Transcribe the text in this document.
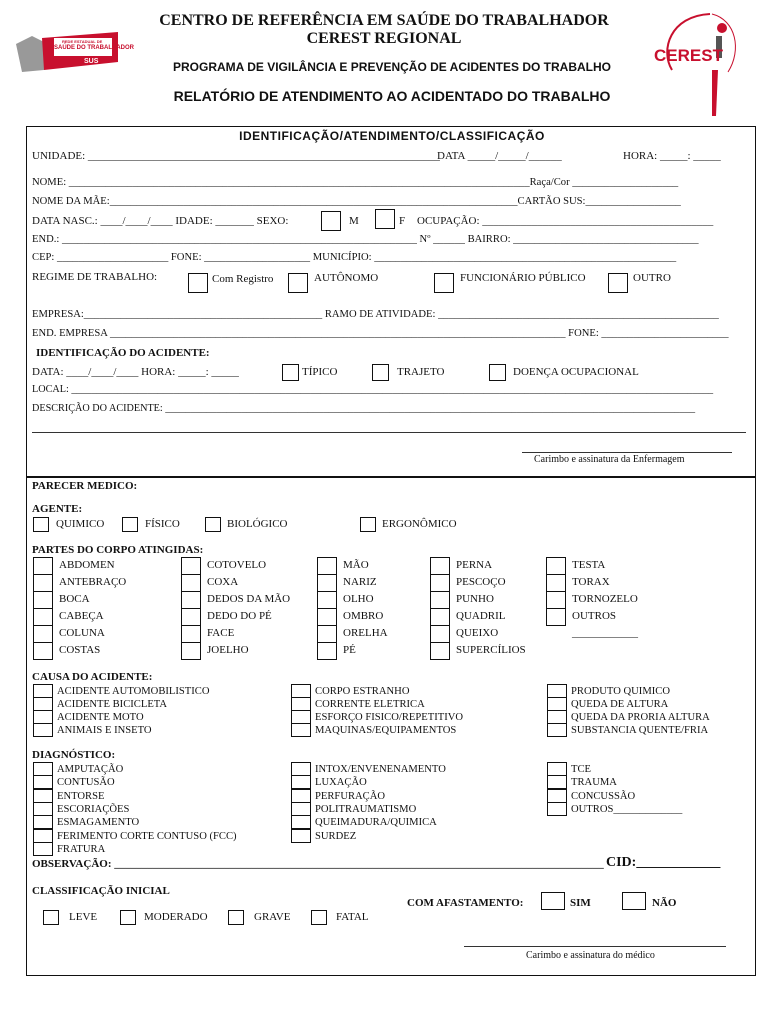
REDE ESTADUAL DE
SAÚDE DO TRABALHADOR
SUS
CENTRO DE REFERÊNCIA EM SAÚDE DO TRABALHADOR
CEREST REGIONAL
PROGRAMA DE VIGILÂNCIA E PREVENÇÃO DE ACIDENTES DO TRABALHO
RELATÓRIO DE ATENDIMENTO AO ACIDENTADO DO TRABALHO
CEREST
IDENTIFICAÇÃO/ATENDIMENTO/CLASSIFICAÇÃO
UNIDADE: ________________________________________________________________
DATA _____/_____/______	HORA: _____: _____
NOME: _______________________________________________________________________________________Raça/Cor ____________________
NOME DA MÃE:_____________________________________________________________________________CARTÃO SUS:__________________
DATA NASC.: ____/____/____ IDADE: _______ SEXO:	M	F OCUPAÇÃO: __________________________________________
END.: ___________________________________________________________________ Nº ______ BAIRRO: ___________________________________
CEP: _____________________ FONE: ____________________ MUNICÍPIO: _________________________________________________________
REGIME DE TRABALHO:	Com Registro	AUTÔNOMO	FUNCIONÁRIO PÚBLICO	OUTRO
EMPRESA:_____________________________________________ RAMO DE ATIVIDADE: _____________________________________________________
END. EMPRESA ______________________________________________________________________________________ FONE: ________________________
IDENTIFICAÇÃO DO ACIDENTE:
DATA: ____/____/____ HORA: _____: _____	TÍPICO	TRAJETO	DOENÇA OCUPACIONAL
LOCAL: ______________________________________________________________________________________________________________________________
DESCRIÇÃO DO ACIDENTE: ________________________________________________________________________________________________________
Carimbo e assinatura da Enfermagem
PARECER MEDICO:
AGENTE:
QUIMICO	FÍSICO	BIOLÓGICO	ERGONÔMICO
PARTES DO CORPO ATINGIDAS:
ABDOMEN
ANTEBRAÇO
BOCA
CABEÇA
COLUNA
COSTAS
COTOVELO
COXA
DEDOS DA MÃO
DEDO DO PÉ
FACE
JOELHO
MÃO
NARIZ
OLHO
OMBRO
ORELHA
PÉ
PERNA
PESCOÇO
PUNHO
QUADRIL
QUEIXO
SUPERCÍLIOS
TESTA
TORAX
TORNOZELO
OUTROS
____________
CAUSA DO ACIDENTE:
ACIDENTE AUTOMOBILISTICO
ACIDENTE BICICLETA
ACIDENTE MOTO
ANIMAIS E INSETO
CORPO ESTRANHO
CORRENTE ELETRICA
ESFORÇO FISICO/REPETITIVO
MAQUINAS/EQUIPAMENTOS
PRODUTO QUIMICO
QUEDA DE ALTURA
QUEDA DA PRORIA ALTURA
SUBSTANCIA QUENTE/FRIA
DIAGNÓSTICO:
AMPUTAÇÃO
CONTUSÃO
ENTORSE
ESCORIAÇÕES
ESMAGAMENTO
FERIMENTO CORTE CONTUSO (FCC)
FRATURA
INTOX/ENVENENAMENTO
LUXAÇÃO
PERFURAÇÃO
POLITRAUMATISMO
QUEIMADURA/QUIMICA
SURDEZ
TCE
TRAUMA
CONCUSSÃO
OUTROS_____________
OBSERVAÇÃO: _________________________________________________________________________________________ CID:____________
CLASSIFICAÇÃO INICIAL
LEVE	MODERADO	GRAVE	FATAL
COM AFASTAMENTO:	SIM	NÃO
Carimbo e assinatura do médico
